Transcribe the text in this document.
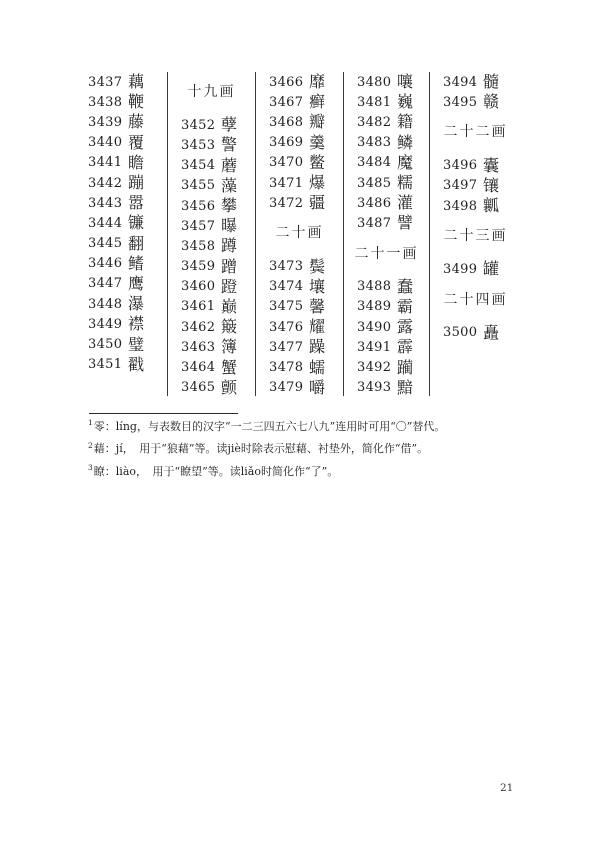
3437 藕
3438 鞭
3439 藤
3440 覆
3441 瞻
3442 蹦
3443 嚣
3444 镰
3445 翻
3446 鳍
3447 鹰
3448 瀑
3449 襟
3450 璧
3451 戳
十九画
3452 孽
3453 警
3454 蘑
3455 藻
3456 攀
3457 曝
3458 蹲
3459 蹭
3460 蹬
3461 巅
3462 簸
3463 簿
3464 蟹
3465 颤
3466 靡
3467 癣
3468 瓣
3469 羹
3470 鳖
3471 爆
3472 疆
二十画
3473 鬓
3474 壤
3475 馨
3476 耀
3477 躁
3478 蠕
3479 嚼
3480 嚷
3481 巍
3482 籍
3483 鳞
3484 魔
3485 糯
3486 灌
3487 譬
二十一画
3488 蠢
3489 霸
3490 露
3491 霹
3492 躏
3493 黯
3494 髓
3495 赣
二十二画
3496 囊
3497 镶
3498 瓤
二十三画
3499 罐
二十四画
3500 矗
$^1$零：líng，与表数目的汉字“一二三四五六七八九”连用时可用“〇”替代。
$^2$藉：jí，　用于“狼藉”等。读jiè时除表示慰藉、衬垫外，简化作“借”。
$^3$瞭：liào，　用于“瞭望”等。读liǎo时简化作“了”。
21
